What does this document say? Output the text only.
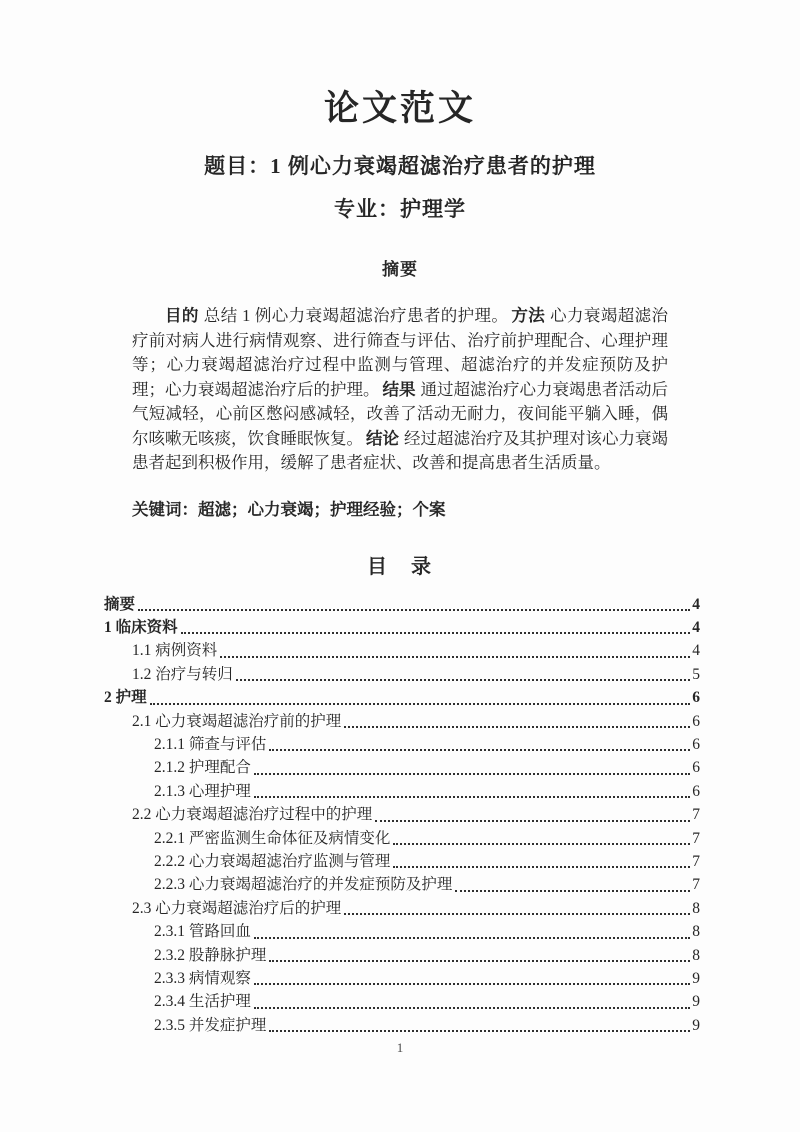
论文范文
题目：1 例心力衰竭超滤治疗患者的护理
专业：护理学
摘要

目的 总结 1 例心力衰竭超滤治疗患者的护理。 方法 心力衰竭超滤治疗前对病人进行病情观察、进行筛查与评估、治疗前护理配合、心理护理等；心力衰竭超滤治疗过程中监测与管理、超滤治疗的并发症预防及护理；心力衰竭超滤治疗后的护理。 结果 通过超滤治疗心力衰竭患者活动后气短减轻，心前区憋闷感减轻，改善了活动无耐力，夜间能平躺入睡，偶尔咳嗽无咳痰，饮食睡眠恢复。 结论 经过超滤治疗及其护理对该心力衰竭患者起到积极作用，缓解了患者症状、改善和提高患者生活质量。

关键词：超滤；心力衰竭；护理经验；个案

目　录
摘要	4
1 临床资料	4
1.1 病例资料	4
1.2 治疗与转归	5
2 护理	6
2.1 心力衰竭超滤治疗前的护理	6
2.1.1 筛查与评估	6
2.1.2 护理配合	6
2.1.3 心理护理	6
2.2 心力衰竭超滤治疗过程中的护理	7
2.2.1 严密监测生命体征及病情变化	7
2.2.2 心力衰竭超滤治疗监测与管理	7
2.2.3 心力衰竭超滤治疗的并发症预防及护理	7
2.3 心力衰竭超滤治疗后的护理	8
2.3.1 管路回血	8
2.3.2 股静脉护理	8
2.3.3 病情观察	9
2.3.4 生活护理	9
2.3.5 并发症护理	9
1
